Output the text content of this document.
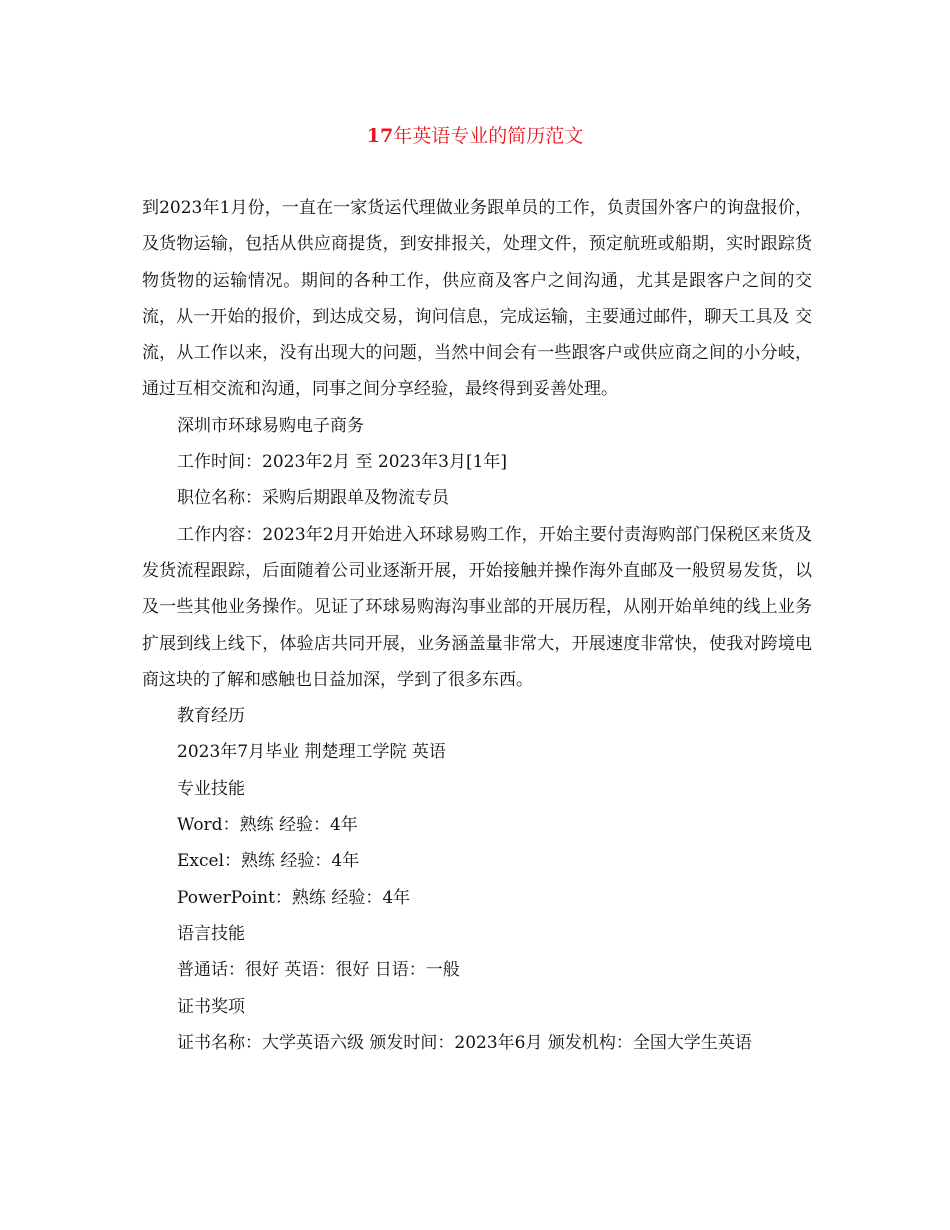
17年英语专业的简历范文

到2023年1月份，一直在一家货运代理做业务跟单员的工作，负责国外客户的询盘报价，及货物运输，包括从供应商提货，到安排报关，处理文件，预定航班或船期，实时跟踪货物货物的运输情况。期间的各种工作，供应商及客户之间沟通，尤其是跟客户之间的交流，从一开始的报价，到达成交易，询问信息，完成运输，主要通过邮件，聊天工具及 交流，从工作以来，没有出现大的问题，当然中间会有一些跟客户或供应商之间的小分岐，通过互相交流和沟通，同事之间分享经验，最终得到妥善处理。

深圳市环球易购电子商务

工作时间：2023年2月 至 2023年3月[1年]

职位名称：采购后期跟单及物流专员

工作内容：2023年2月开始进入环球易购工作，开始主要付责海购部门保税区来货及发货流程跟踪，后面随着公司业逐渐开展，开始接触并操作海外直邮及一般贸易发货，以及一些其他业务操作。见证了环球易购海沟事业部的开展历程，从刚开始单纯的线上业务扩展到线上线下，体验店共同开展，业务涵盖量非常大，开展速度非常快，使我对跨境电商这块的了解和感触也日益加深，学到了很多东西。

教育经历

2023年7月毕业 荆楚理工学院 英语

专业技能

Word：熟练 经验：4年

Excel：熟练 经验：4年

PowerPoint：熟练 经验：4年

语言技能

普通话：很好 英语：很好 日语：一般

证书奖项

证书名称：大学英语六级 颁发时间：2023年6月 颁发机构：全国大学生英语
